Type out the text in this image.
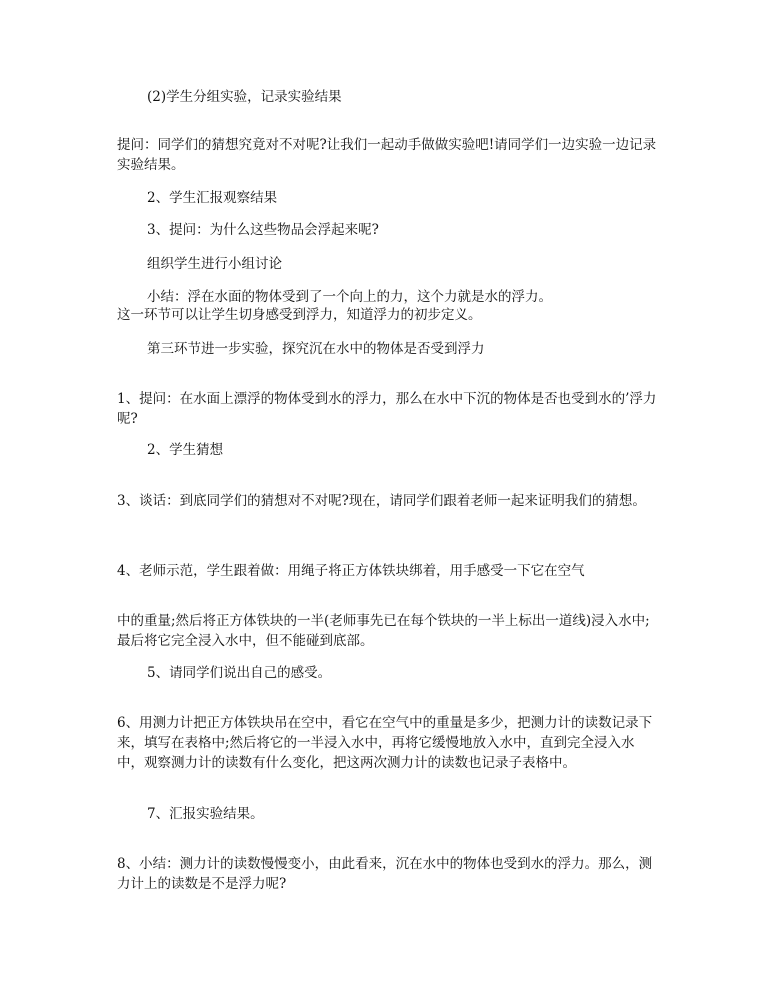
(2)学生分组实验，记录实验结果

提问：同学们的猜想究竟对不对呢?让我们一起动手做做实验吧!请同学们一边实验一边记录实验结果。

2、学生汇报观察结果

3、提问：为什么这些物品会浮起来呢?

组织学生进行小组讨论

小结：浮在水面的物体受到了一个向上的力，这个力就是水的浮力。

这一环节可以让学生切身感受到浮力，知道浮力的初步定义。

第三环节进一步实验，探究沉在水中的物体是否受到浮力

1、提问：在水面上漂浮的物体受到水的浮力，那么在水中下沉的物体是否也受到水的’浮力呢?

2、学生猜想

3、谈话：到底同学们的猜想对不对呢?现在，请同学们跟着老师一起来证明我们的猜想。

4、老师示范，学生跟着做：用绳子将正方体铁块绑着，用手感受一下它在空气

中的重量;然后将正方体铁块的一半(老师事先已在每个铁块的一半上标出一道线)浸入水中;最后将它完全浸入水中，但不能碰到底部。

5、请同学们说出自己的感受。

6、用测力计把正方体铁块吊在空中，看它在空气中的重量是多少，把测力计的读数记录下来，填写在表格中;然后将它的一半浸入水中，再将它缓慢地放入水中，直到完全浸入水中，观察测力计的读数有什么变化，把这两次测力计的读数也记录子表格中。

7、汇报实验结果。

8、小结：测力计的读数慢慢变小，由此看来，沉在水中的物体也受到水的浮力。那么，测力计上的读数是不是浮力呢?
